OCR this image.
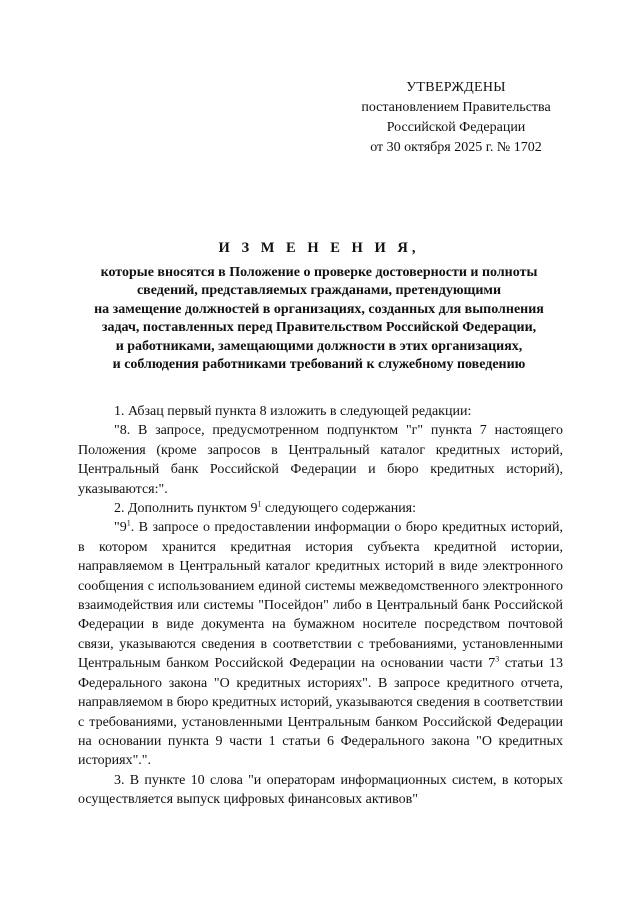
УТВЕРЖДЕНЫ
постановлением Правительства
Российской Федерации
от 30 октября 2025 г. № 1702
И З М Е Н Е Н И Я,
которые вносятся в Положение о проверке достоверности и полноты
сведений, представляемых гражданами, претендующими
на замещение должностей в организациях, созданных для выполнения
задач, поставленных перед Правительством Российской Федерации,
и работниками, замещающими должности в этих организациях,
и соблюдения работниками требований к служебному поведению

1. Абзац первый пункта 8 изложить в следующей редакции:

"8. В запросе, предусмотренном подпунктом "г" пункта 7 настоящего Положения (кроме запросов в Центральный каталог кредитных историй, Центральный банк Российской Федерации и бюро кредитных историй), указываются:".

2. Дополнить пунктом $9^1$ следующего содержания:

"$9^1$. В запросе о предоставлении информации о бюро кредитных историй, в котором хранится кредитная история субъекта кредитной истории, направляемом в Центральный каталог кредитных историй в виде электронного сообщения с использованием единой системы межведомственного электронного взаимодействия или системы "Посейдон" либо в Центральный банк Российской Федерации в виде документа на бумажном носителе посредством почтовой связи, указываются сведения в соответствии с требованиями, установленными Центральным банком Российской Федерации на основании части $7^3$ статьи 13 Федерального закона "О кредитных историях". В запросе кредитного отчета, направляемом в бюро кредитных историй, указываются сведения в соответствии с требованиями, установленными Центральным банком Российской Федерации на основании пункта 9 части 1 статьи 6 Федерального закона "О кредитных историях".".

3. В пункте 10 слова "и операторам информационных систем, в которых осуществляется выпуск цифровых финансовых активов"
